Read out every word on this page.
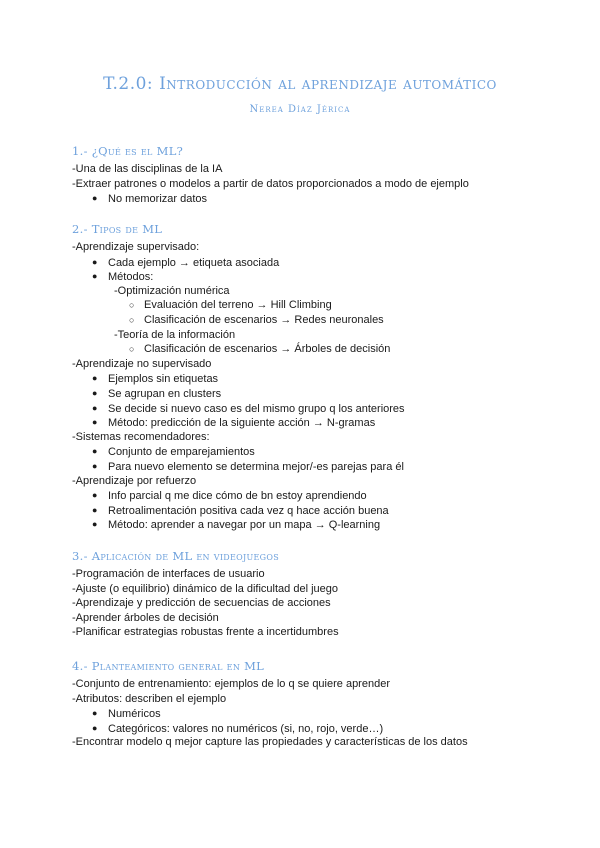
T.2.0: Introducción al aprendizaje automático
Nerea Díaz Jérica
1.- ¿Qué es el ML?
-Una de las disciplinas de la IA
-Extraer patrones o modelos a partir de datos proporcionados a modo de ejemplo
● No memorizar datos
2.- Tipos de ML
-Aprendizaje supervisado:
● Cada ejemplo → etiqueta asociada
● Métodos:
-Optimización numérica
○ Evaluación del terreno → Hill Climbing
○ Clasificación de escenarios → Redes neuronales
-Teoría de la información
○ Clasificación de escenarios → Árboles de decisión
-Aprendizaje no supervisado
● Ejemplos sin etiquetas
● Se agrupan en clusters
● Se decide si nuevo caso es del mismo grupo q los anteriores
● Método: predicción de la siguiente acción → N-gramas
-Sistemas recomendadores:
● Conjunto de emparejamientos
● Para nuevo elemento se determina mejor/-es parejas para él
-Aprendizaje por refuerzo
● Info parcial q me dice cómo de bn estoy aprendiendo
● Retroalimentación positiva cada vez q hace acción buena
● Método: aprender a navegar por un mapa → Q-learning
3.- Aplicación de ML en videojuegos
-Programación de interfaces de usuario
-Ajuste (o equilibrio) dinámico de la dificultad del juego
-Aprendizaje y predicción de secuencias de acciones
-Aprender árboles de decisión
-Planificar estrategias robustas frente a incertidumbres
4.- Planteamiento general en ML
-Conjunto de entrenamiento: ejemplos de lo q se quiere aprender
-Atributos: describen el ejemplo
● Numéricos
● Categóricos: valores no numéricos (si, no, rojo, verde…)
-Encontrar modelo q mejor capture las propiedades y características de los datos
